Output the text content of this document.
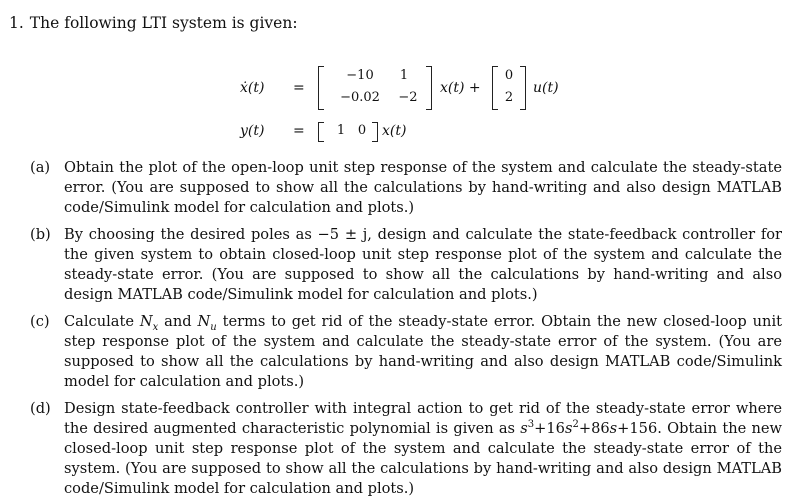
1. The following LTI system is given:
ẋ(t) =
−10	1
−0.02	−2
x(t) +
0
2
u(t)
y(t) = 1 0 x(t)
(a) Obtain the plot of the open-loop unit step response of the system and calculate the steady-state error. (You are supposed to show all the calculations by hand-writing and also design MATLAB code/Simulink model for calculation and plots.)
(b) By choosing the desired poles as −5 ± j, design and calculate the state-feedback controller for the given system to obtain closed-loop unit step response plot of the system and calculate the steady-state error. (You are supposed to show all the calculations by hand-writing and also design MATLAB code/Simulink model for calculation and plots.)
(c) Calculate $N_x$ and $N_u$ terms to get rid of the steady-state error. Obtain the new closed-loop unit step response plot of the system and calculate the steady-state error of the system. (You are supposed to show all the calculations by hand-writing and also design MATLAB code/Simulink model for calculation and plots.)
(d) Design state-feedback controller with integral action to get rid of the steady-state error where the desired augmented characteristic polynomial is given as $s^3+16s^2+86s+156$. Obtain the new closed-loop unit step response plot of the system and calculate the steady-state error of the system. (You are supposed to show all the calculations by hand-writing and also design MATLAB code/Simulink model for calculation and plots.)
